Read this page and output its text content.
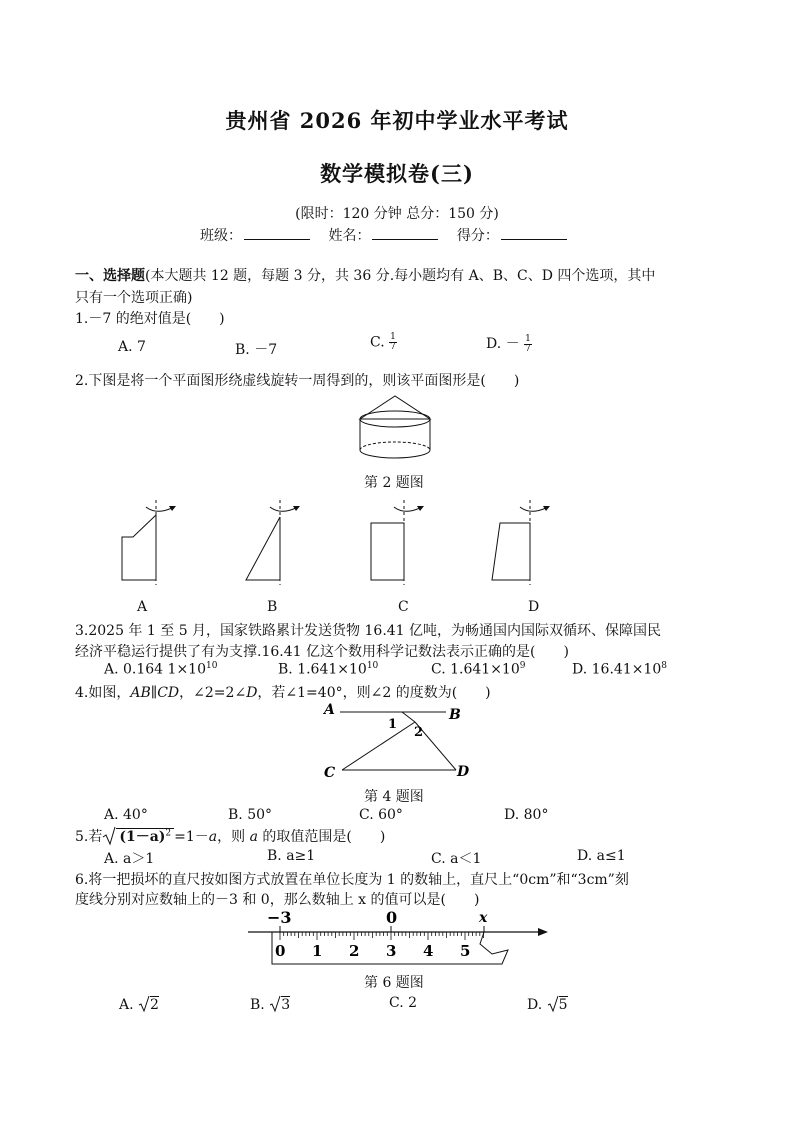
贵州省 2026 年初中学业水平考试
数学模拟卷(三)
(限时：120 分钟 总分：150 分)
班级：	姓名：	得分：
一、选择题(本大题共 12 题，每题 3 分，共 36 分.每小题均有 A、B、C、D 四个选项，其中
只有一个选项正确)
1.－7 的绝对值是(　　)
A. 7	B. －7	C. $\frac{1}{7}$	D. － $\frac{1}{7}$
2.下图是将一个平面图形绕虚线旋转一周得到的，则该平面图形是(　　)
第 2 题图
A	B	C	D
3.2025 年 1 至 5 月，国家铁路累计发送货物 16.41 亿吨，为畅通国内国际双循环、保障国民
经济平稳运行提供了有为支撑.16.41 亿这个数用科学记数法表示正确的是(　　)
A. 0.164 $1\times 10^{10}$	B. $1.641\times 10^{10}$	C. $1.641\times 10^9$	D. $16.41\times 10^8$
4.如图，AB∥CD，∠2=2∠D，若∠1=40°，则∠2 的度数为(　　)
A	B
C	D
1
2
第 4 题图
A. 40°	B. 50°	C. 60°	D. 80°
5.若 $(1-a)^2 =1-a$，则 a 的取值范围是(　　)
A. a＞1	B. a≥1	C. a＜1	D. a≤1
6.将一把损坏的直尺按如图方式放置在单位长度为 1 的数轴上，直尺上“0cm”和“3cm”刻
度线分别对应数轴上的－3 和 0，那么数轴上 x 的值可以是(　　)
−3	0	x
0 1 2 3 4 5
第 6 题图
A. 2	B. 3	C. 2	D. 5
